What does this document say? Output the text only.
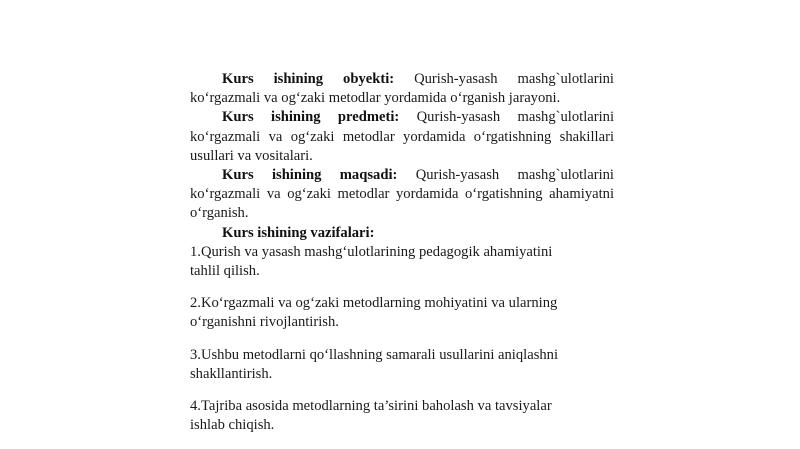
Kurs ishining obyekti: Qurish-yasash mashg`ulotlarini ko‘rgazmali va og‘zaki metodlar yordamida o‘rganish jarayoni.

Kurs ishining predmeti: Qurish-yasash mashg`ulotlarini ko‘rgazmali va og‘zaki metodlar yordamida o‘rgatishning shakillari usullari va vositalari.

Kurs ishining maqsadi: Qurish-yasash mashg`ulotlarini ko‘rgazmali va og‘zaki metodlar yordamida o‘rgatishning ahamiyatni o‘rganish.

Kurs ishining vazifalari:

1.Qurish va yasash mashg‘ulotlarining pedagogik ahamiyatini tahlil qilish.

2.Ko‘rgazmali va og‘zaki metodlarning mohiyatini va ularning o‘rganishni rivojlantirish.

3.Ushbu metodlarni qo‘llashning samarali usullarini aniqlashni shakllantirish.

4.Tajriba asosida metodlarning ta’sirini baholash va tavsiyalar ishlab chiqish.
